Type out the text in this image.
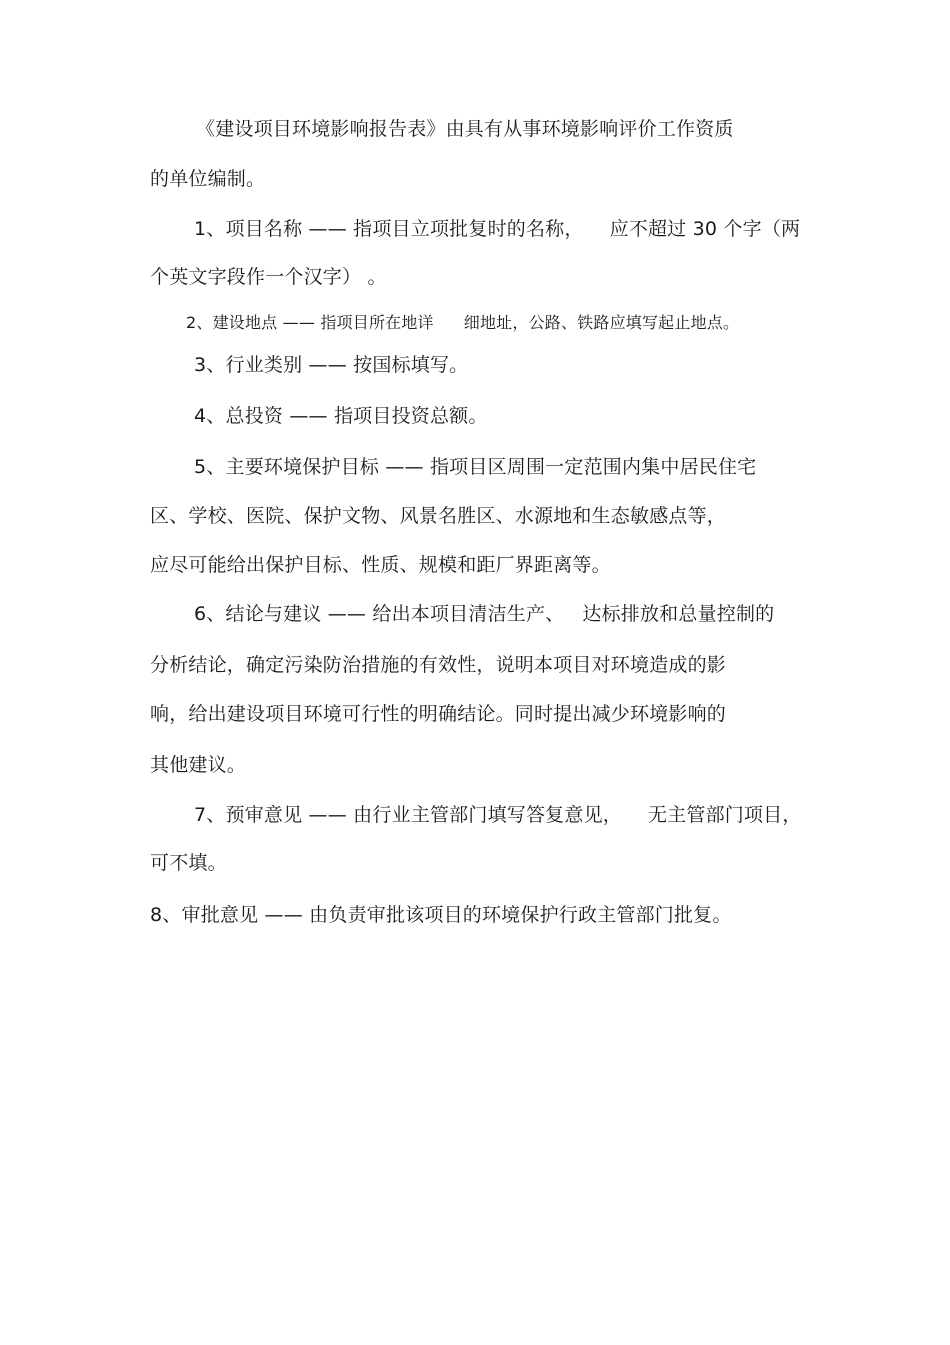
《建设项目环境影响报告表》由具有从事环境影响评价工作资质
的单位编制。
1、项目名称 —— 指项目立项批复时的名称， 应不超过 30 个字（两
个英文字段作一个汉字） 。
2、建设地点 —— 指项目所在地详 细地址，公路、铁路应填写起止地点。
3、行业类别 —— 按国标填写。
4、总投资 —— 指项目投资总额。
5、主要环境保护目标 —— 指项目区周围一定范围内集中居民住宅
区、学校、医院、保护文物、风景名胜区、水源地和生态敏感点等，
应尽可能给出保护目标、性质、规模和距厂界距离等。
6、结论与建议 —— 给出本项目清洁生产、 达标排放和总量控制的
分析结论，确定污染防治措施的有效性，说明本项目对环境造成的影
响，给出建设项目环境可行性的明确结论。同时提出减少环境影响的
其他建议。
7、预审意见 —— 由行业主管部门填写答复意见， 无主管部门项目，
可不填。
8、审批意见 —— 由负责审批该项目的环境保护行政主管部门批复。
